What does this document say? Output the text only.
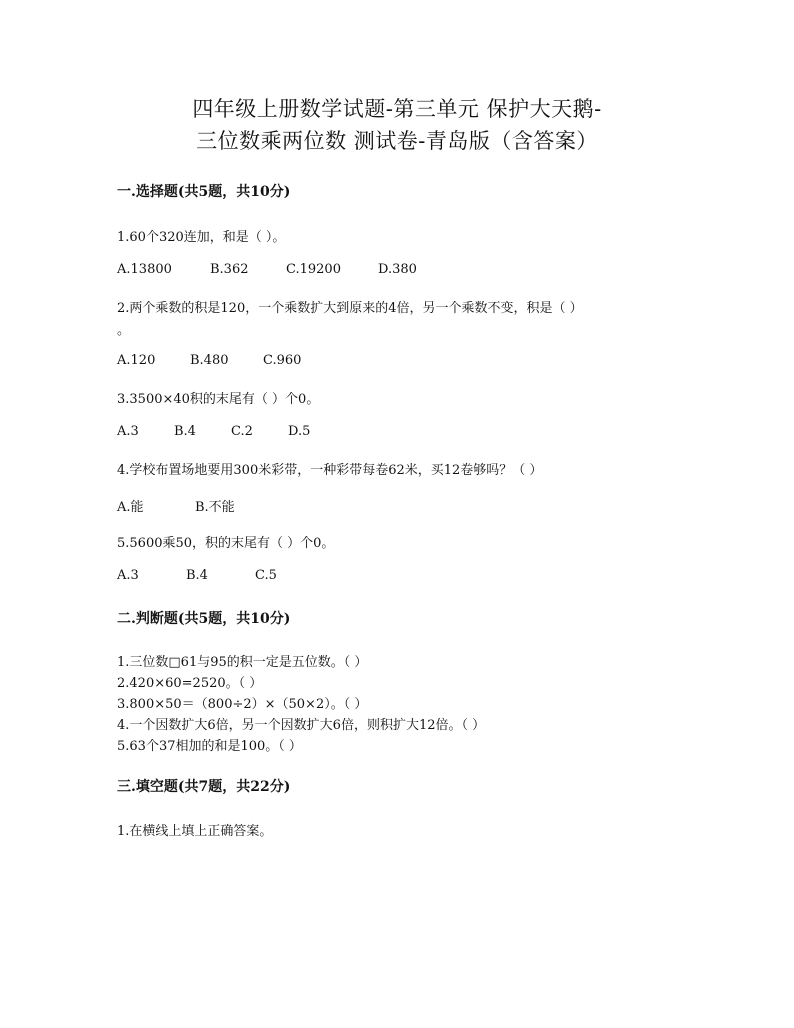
四年级上册数学试题-第三单元 保护大天鹅-
三位数乘两位数 测试卷-青岛版（含答案）
一.选择题(共5题，共10分)
1.60个320连加，和是（ ）。
A.13800	B.362	C.19200	D.380
2.两个乘数的积是120，一个乘数扩大到原来的4倍，另一个乘数不变，积是（ ）
。
A.120	B.480	C.960
3.3500×40积的末尾有（ ）个0。
A.3	B.4	C.2	D.5
4.学校布置场地要用300米彩带，一种彩带每卷62米，买12卷够吗？（ ）
A.能	B.不能
5.5600乘50，积的末尾有（ ）个0。
A.3	B.4	C.5
二.判断题(共5题，共10分)
1.三位数□61与95的积一定是五位数。（ ）
2.420×60=2520。（ ）
3.800×50＝（800÷2）×（50×2）。（ ）
4.一个因数扩大6倍，另一个因数扩大6倍，则积扩大12倍。（ ）
5.63个37相加的和是100。（ ）
三.填空题(共7题，共22分)
1.在横线上填上正确答案。
